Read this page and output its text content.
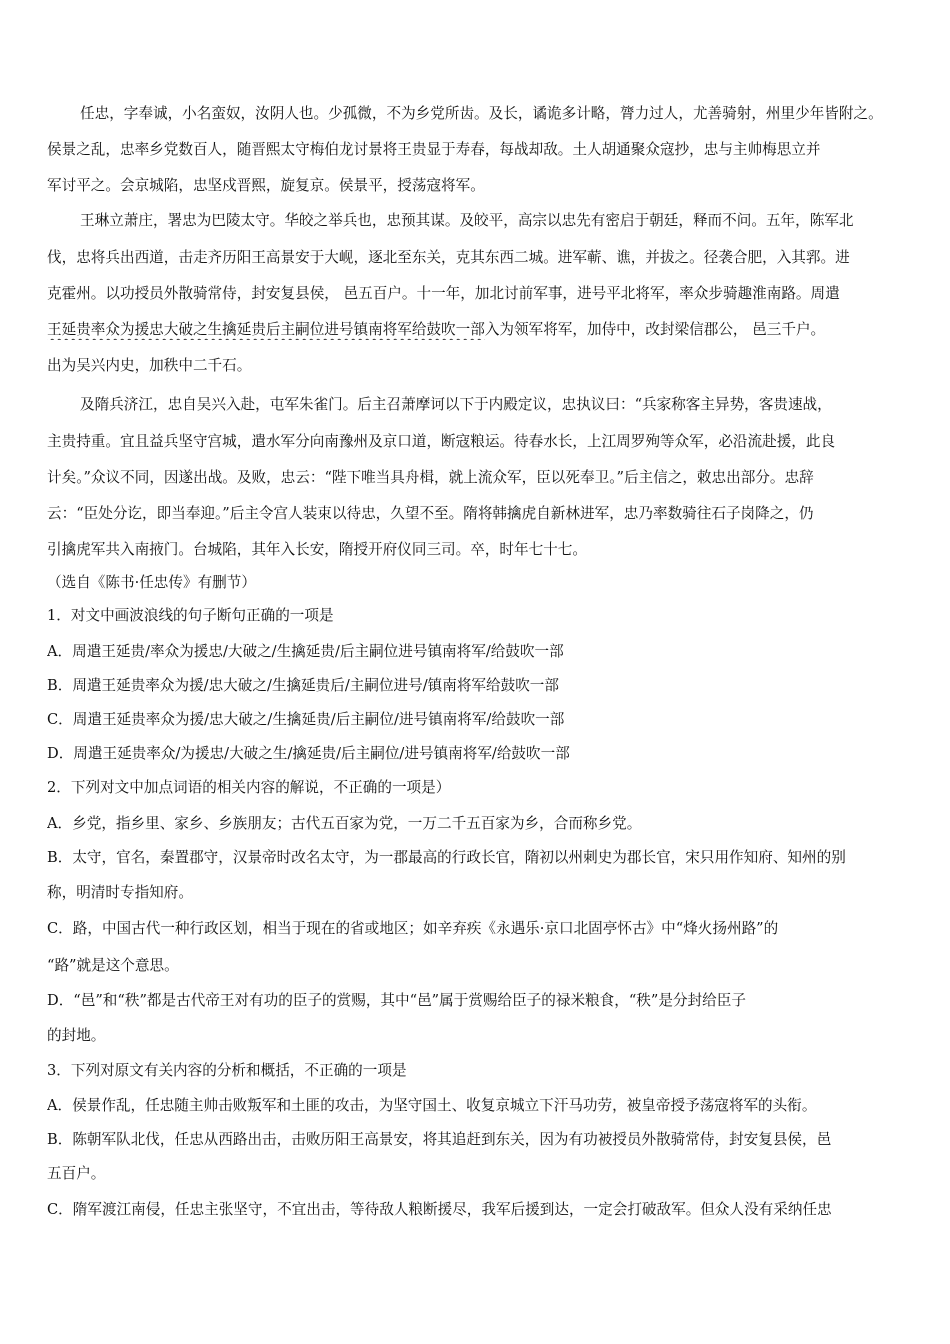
任忠，字奉诚，小名蛮奴，汝阴人也。少孤微，不为乡党所齿。及长，谲诡多计略，膂力过人，尤善骑射，州里少年皆附之。
侯景之乱，忠率乡党数百人，随晋熙太守梅伯龙讨景将王贵显于寿春，每战却敌。土人胡通聚众寇抄，忠与主帅梅思立并
军讨平之。会京城陷，忠坚戍晋熙，旋复京。侯景平，授荡寇将军。
王琳立萧庄，署忠为巴陵太守。华皎之举兵也，忠预其谋。及皎平，高宗以忠先有密启于朝廷，释而不问。五年，陈军北
伐，忠将兵出西道，击走齐历阳王高景安于大岘，逐北至东关，克其东西二城。进军蕲、谯，并拔之。径袭合肥，入其郛。进
克霍州。以功授员外散骑常侍，封安复县侯， 邑五百户。十一年，加北讨前军事，进号平北将军，率众步骑趣淮南路。周遣
王延贵率众为援忠大破之生擒延贵后主嗣位进号镇南将军给鼓吹一部入为领军将军，加侍中，改封梁信郡公， 邑三千户。
出为吴兴内史，加秩中二千石。
及隋兵济江，忠自吴兴入赴，屯军朱雀门。后主召萧摩诃以下于内殿定议，忠执议曰：“兵家称客主异势，客贵速战，
主贵持重。宜且益兵坚守宫城，遣水军分向南豫州及京口道，断寇粮运。待春水长，上江周罗殉等众军，必沿流赴援，此良
计矣。”众议不同，因遂出战。及败，忠云：“陛下唯当具舟楫，就上流众军，臣以死奉卫。”后主信之，敕忠出部分。忠辞
云：“臣处分讫，即当奉迎。”后主令宫人装束以待忠，久望不至。隋将韩擒虎自新林进军，忠乃率数骑往石子岗降之，仍
引擒虎军共入南掖门。台城陷，其年入长安，隋授开府仪同三司。卒，时年七十七。
（选自《陈书·任忠传》有删节）
1．对文中画波浪线的句子断句正确的一项是
A．周遣王延贵/率众为援忠/大破之/生擒延贵/后主嗣位进号镇南将军/给鼓吹一部
B．周遣王延贵率众为援/忠大破之/生擒延贵后/主嗣位进号/镇南将军给鼓吹一部
C．周遣王延贵率众为援/忠大破之/生擒延贵/后主嗣位/进号镇南将军/给鼓吹一部
D．周遣王延贵率众/为援忠/大破之生/擒延贵/后主嗣位/进号镇南将军/给鼓吹一部
2．下列对文中加点词语的相关内容的解说，不正确的一项是）
A．乡党，指乡里、家乡、乡族朋友；古代五百家为党，一万二千五百家为乡，合而称乡党。
B．太守，官名，秦置郡守，汉景帝时改名太守，为一郡最高的行政长官，隋初以州刺史为郡长官，宋只用作知府、知州的别
称，明清时专指知府。
C．路，中国古代一种行政区划，相当于现在的省或地区；如辛弃疾《永遇乐·京口北固亭怀古》中“烽火扬州路”的
“路”就是这个意思。
D．“邑”和“秩”都是古代帝王对有功的臣子的赏赐，其中“邑”属于赏赐给臣子的禄米粮食，“秩”是分封给臣子
的封地。
3．下列对原文有关内容的分析和概括，不正确的一项是
A．侯景作乱，任忠随主帅击败叛军和土匪的攻击，为坚守国土、收复京城立下汗马功劳，被皇帝授予荡寇将军的头衔。
B．陈朝军队北伐，任忠从西路出击，击败历阳王高景安，将其追赶到东关，因为有功被授员外散骑常侍，封安复县侯，邑
五百户。
C．隋军渡江南侵，任忠主张坚守，不宜出击，等待敌人粮断援尽，我军后援到达，一定会打破敌军。但众人没有采纳任忠
